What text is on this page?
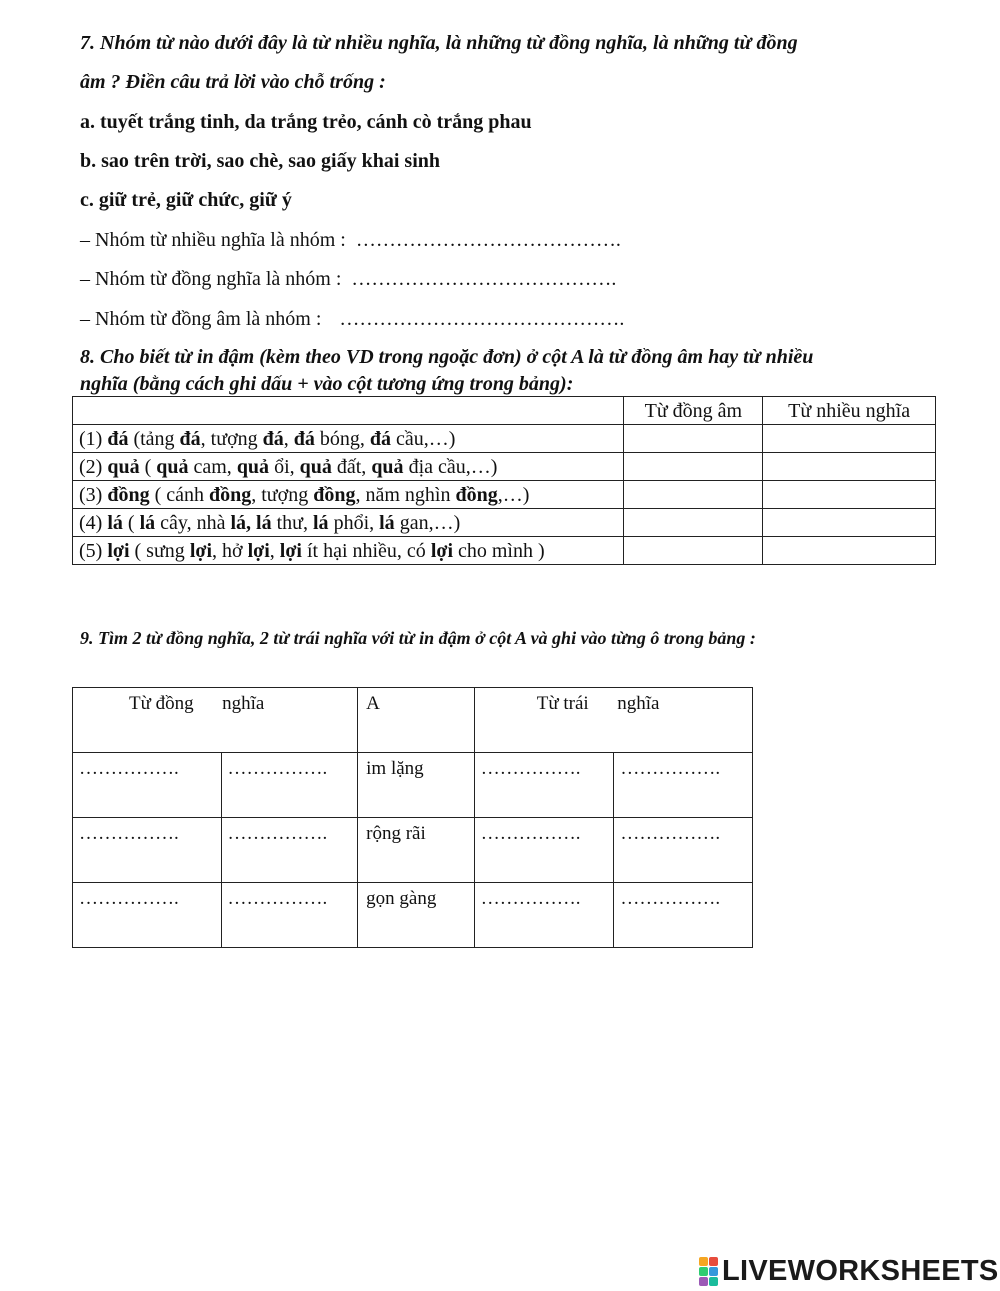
7. Nhóm từ nào dưới đây là từ nhiều nghĩa, là những từ đồng nghĩa, là những từ đồng
âm ? Điền câu trả lời vào chỗ trống :
a. tuyết trắng tinh, da trắng trẻo, cánh cò trắng phau
b. sao trên trời, sao chè, sao giấy khai sinh
c. giữ trẻ, giữ chức, giữ ý
– Nhóm từ nhiều nghĩa là nhóm : ………………………………….
– Nhóm từ đồng nghĩa là nhóm : ………………………………….
– Nhóm từ đồng âm là nhóm : …………………………………….
8. Cho biết từ in đậm (kèm theo VD trong ngoặc đơn) ở cột A là từ đồng âm hay từ nhiều
nghĩa (bằng cách ghi dấu + vào cột tương ứng trong bảng):
	Từ đồng âm	Từ nhiều nghĩa
(1) đá (tảng đá, tượng đá, đá bóng, đá cầu,…)		
(2) quả ( quả cam, quả ổi, quả đất, quả địa cầu,…)		
(3) đồng ( cánh đồng, tượng đồng, năm nghìn đồng,…)		
(4) lá ( lá cây, nhà lá, lá thư, lá phổi, lá gan,…)		
(5) lợi ( sưng lợi, hở lợi, lợi ít hại nhiều, có lợi cho mình )		
9. Tìm 2 từ đồng nghĩa, 2 từ trái nghĩa với từ in đậm ở cột A và ghi vào từng ô trong bảng :
Từ đồng      nghĩa		A	Từ trái      nghĩa	
…………….	…………….	im lặng	…………….	…………….
…………….	…………….	rộng rãi	…………….	…………….
…………….	…………….	gọn gàng	…………….	…………….
LIVEWORKSHEETS
